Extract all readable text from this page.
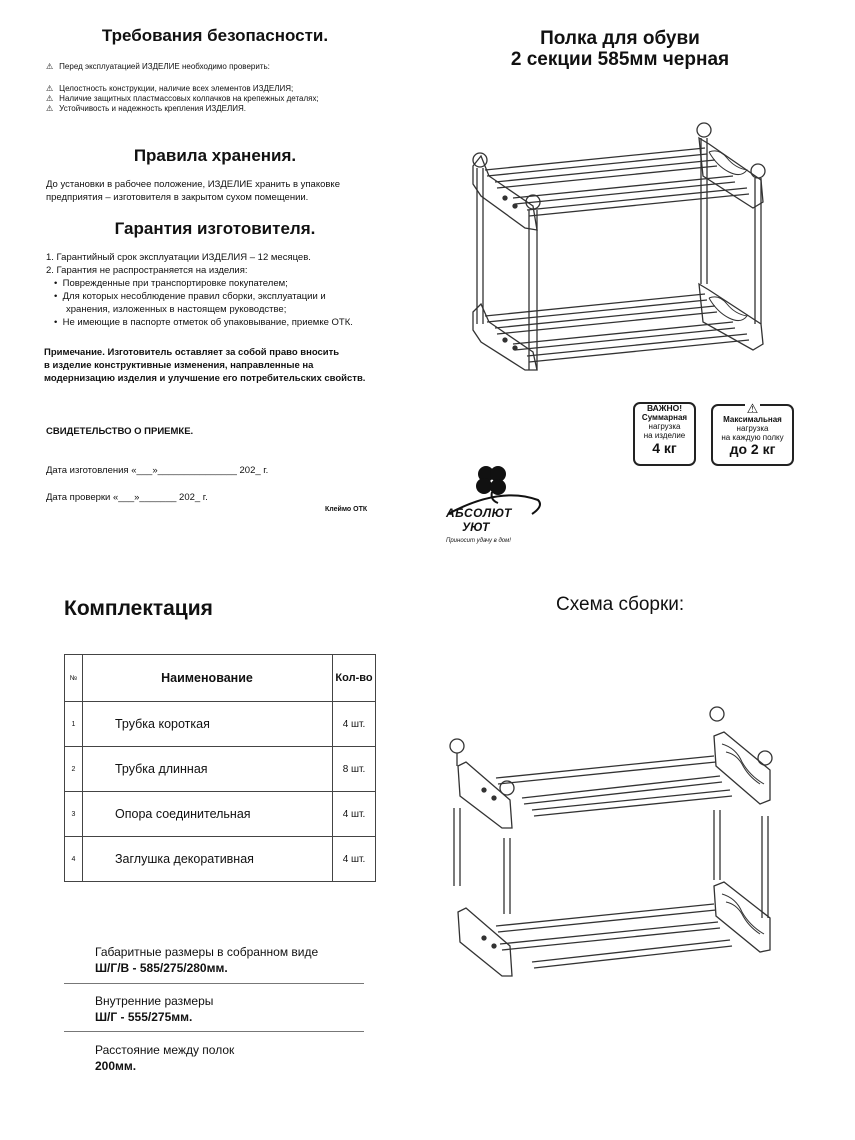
Требования безопасности.
⚠ Перед эксплуатацией ИЗДЕЛИЕ необходимо проверить:
⚠ Целостность конструкции, наличие всех элементов ИЗДЕЛИЯ;
⚠ Наличие защитных пластмассовых колпачков на крепежных деталях;
⚠ Устойчивость и надежность крепления ИЗДЕЛИЯ.
Правила хранения.
До установки в рабочее положение, ИЗДЕЛИЕ хранить в упаковке
предприятия – изготовителя в закрытом сухом помещении.
Гарантия изготовителя.
1. Гарантийный срок эксплуатации ИЗДЕЛИЯ – 12 месяцев.
2. Гарантия не распространяется на изделия:
•  Поврежденные при транспортировке покупателем;
•  Для которых несоблюдение правил сборки, эксплуатации и
хранения, изложенных в настоящем руководстве;
•  Не имеющие в паспорте отметок об упаковывание, приемке ОТК.
Примечание. Изготовитель оставляет за собой право вносить
в изделие конструктивные изменения, направленные на
модернизацию изделия и улучшение его потребительских свойств.
СВИДЕТЕЛЬСТВО О ПРИЕМКЕ.
Дата изготовления «___»_______________ 202_ г.
Дата проверки «___»_______ 202_ г.
Клеймо ОТК
Полка для обуви
2 секции 585мм черная
ВАЖНО!
Суммарная
нагрузка
на изделие
4 кг
⚠
Максимальная
нагрузка
на каждую полку
до 2 кг
АБСОЛЮТ
УЮТ
Приносит удачу в дом!
Комплектация
№	Наименование	Кол-во
1	Трубка короткая	4 шт.
2	Трубка длинная	8 шт.
3	Опора соединительная	4 шт.
4	Заглушка декоративная	4 шт.
Габаритные размеры в собранном виде
Ш/Г/В - 585/275/280мм.
Внутренние размеры
Ш/Г - 555/275мм.
Расстояние между полок
200мм.
Схема сборки:
